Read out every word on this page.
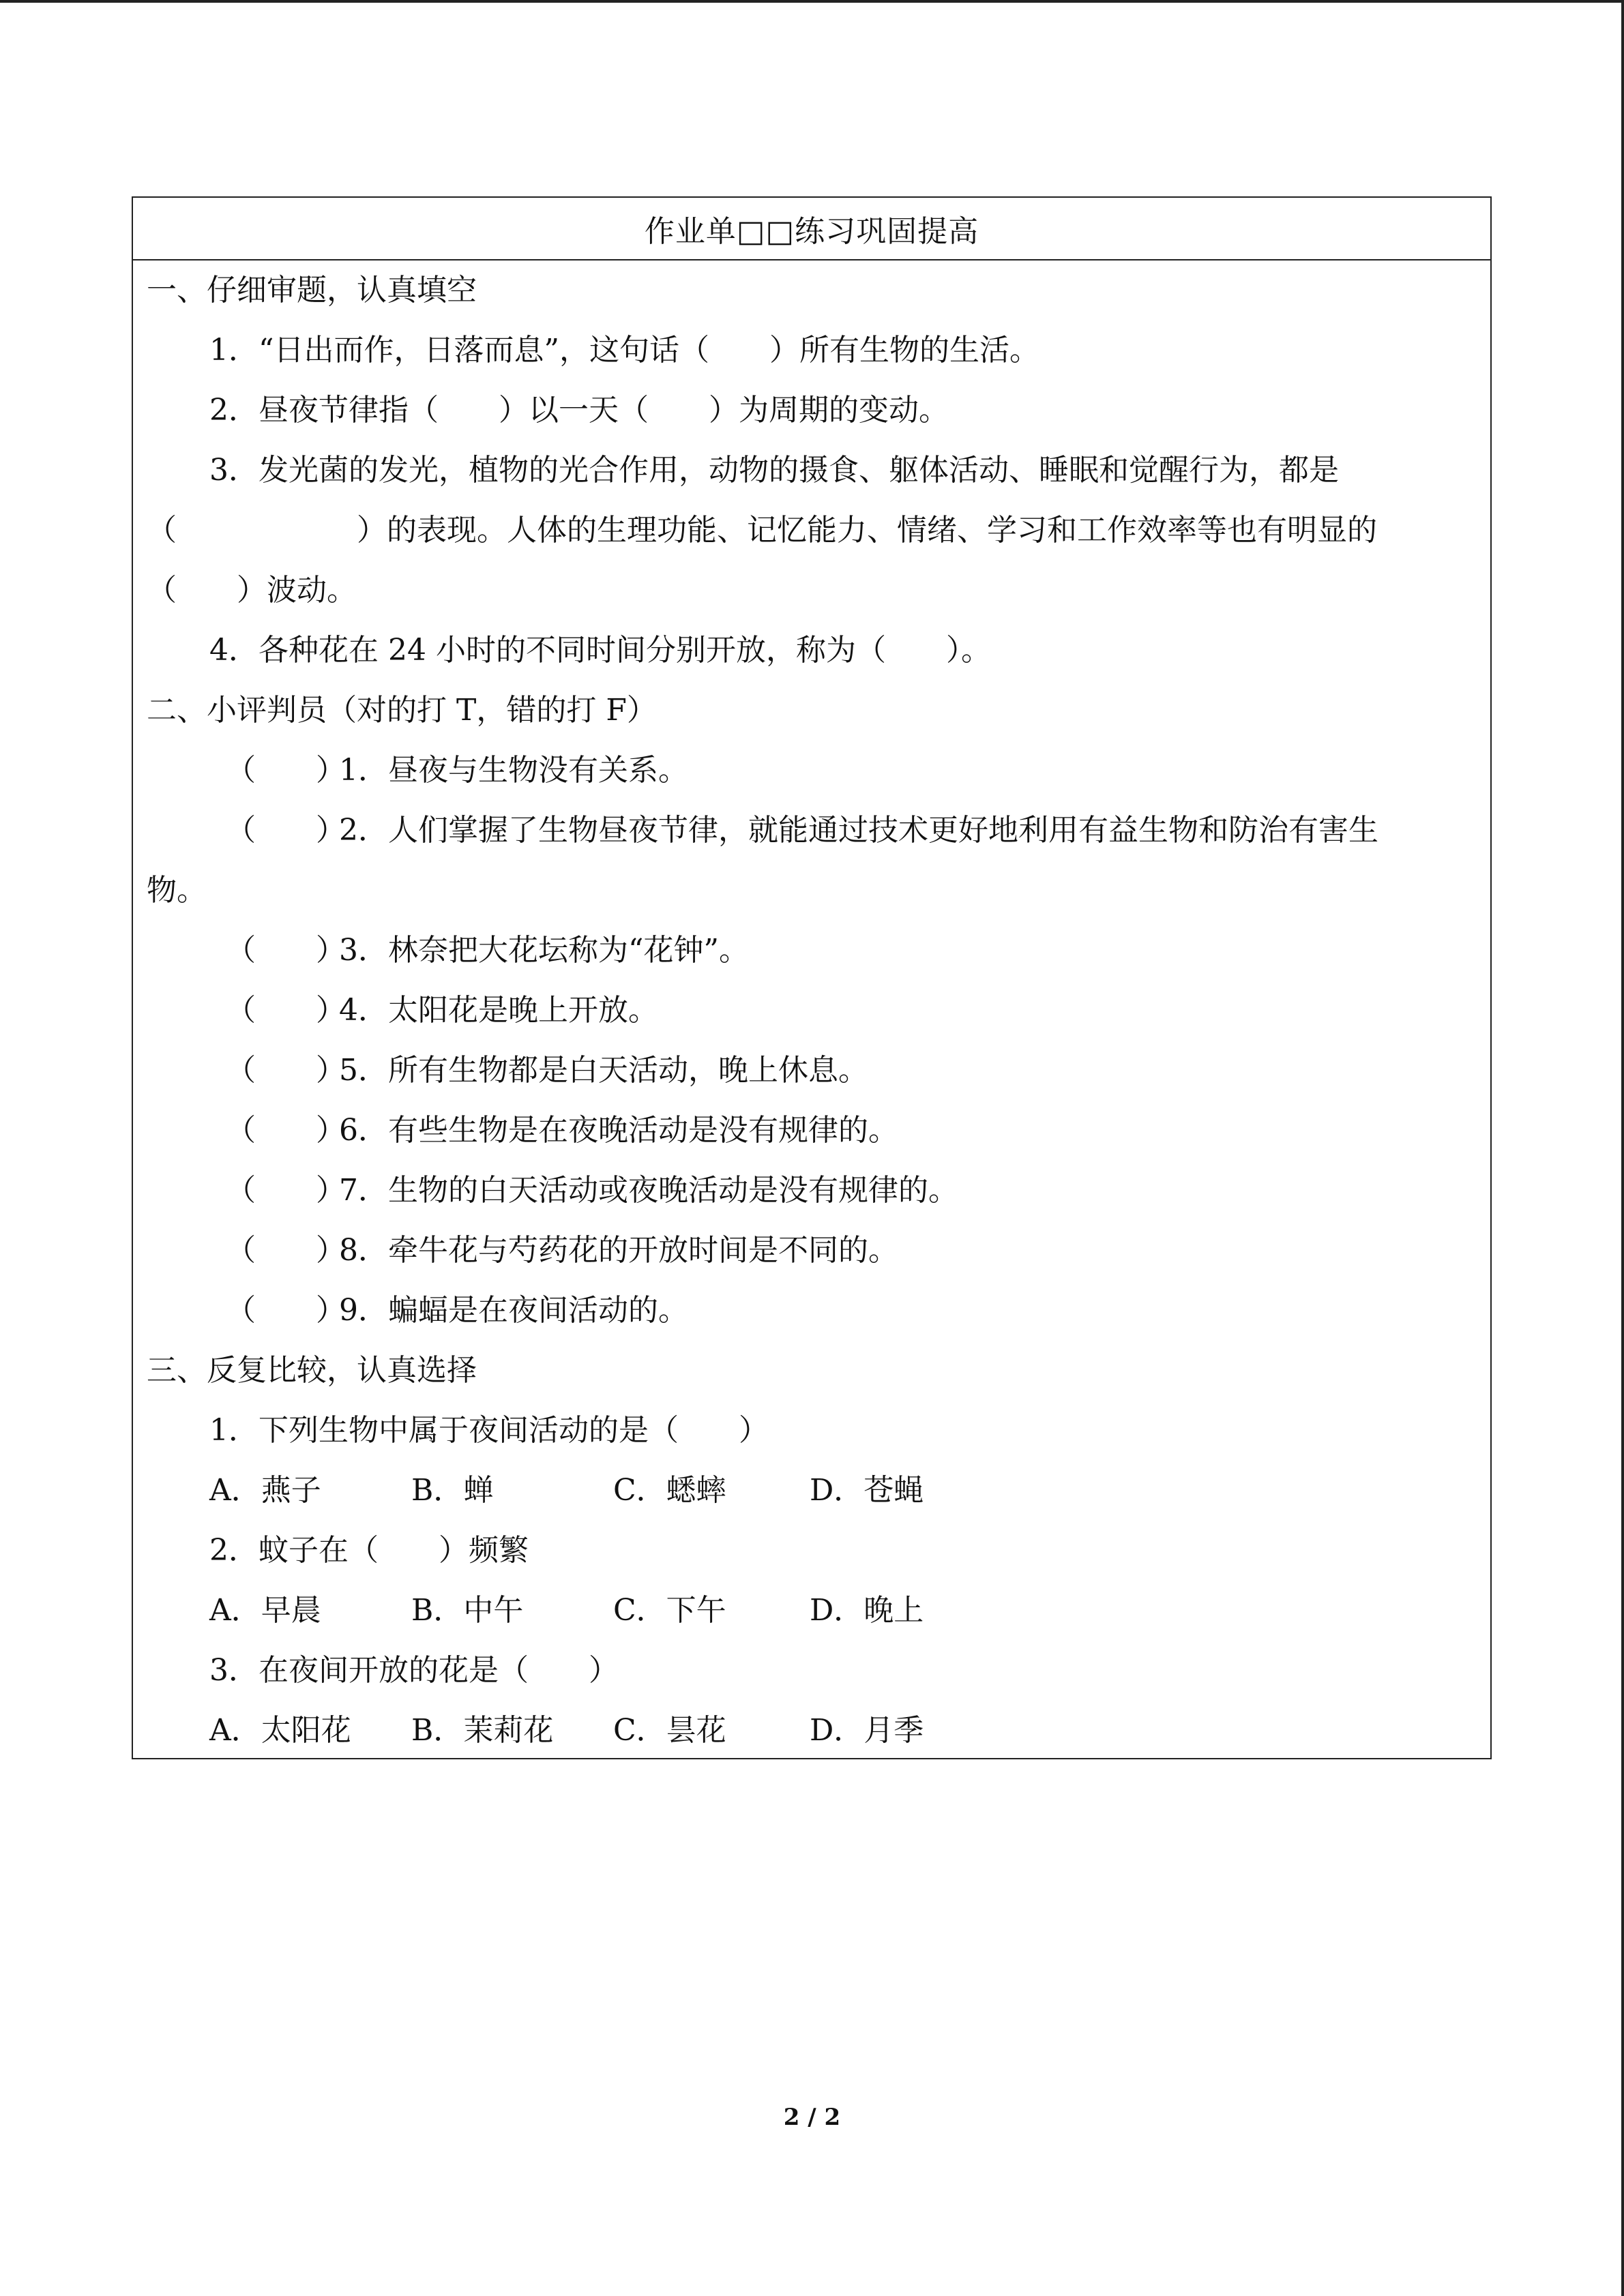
作业单□□练习巩固提高
一、仔细审题，认真填空
1．“日出而作，日落而息”，这句话（　　）所有生物的生活。
2．昼夜节律指（　　）以一天（　　）为周期的变动。
3．发光菌的发光，植物的光合作用，动物的摄食、躯体活动、睡眠和觉醒行为，都是
（　　　　　　）的表现。人体的生理功能、记忆能力、情绪、学习和工作效率等也有明显的
（　　）波动。
4．各种花在 24 小时的不同时间分别开放，称为（　　）。
二、小评判员（对的打 T，错的打 F）
（　　）1．昼夜与生物没有关系。
（　　）2．人们掌握了生物昼夜节律，就能通过技术更好地利用有益生物和防治有害生
物。
（　　）3．林奈把大花坛称为“花钟”。
（　　）4．太阳花是晚上开放。
（　　）5．所有生物都是白天活动，晚上休息。
（　　）6．有些生物是在夜晚活动是没有规律的。
（　　）7．生物的白天活动或夜晚活动是没有规律的。
（　　）8．牵牛花与芍药花的开放时间是不同的。
（　　）9．蝙蝠是在夜间活动的。
三、反复比较，认真选择
1．下列生物中属于夜间活动的是（　　）
A．燕子	B．蝉	C．蟋蟀	D．苍蝇
2．蚊子在（　　）频繁
A．早晨	B．中午	C．下午	D．晚上
3．在夜间开放的花是（　　）
A．太阳花	B．茉莉花	C．昙花	D．月季
2 / 2
